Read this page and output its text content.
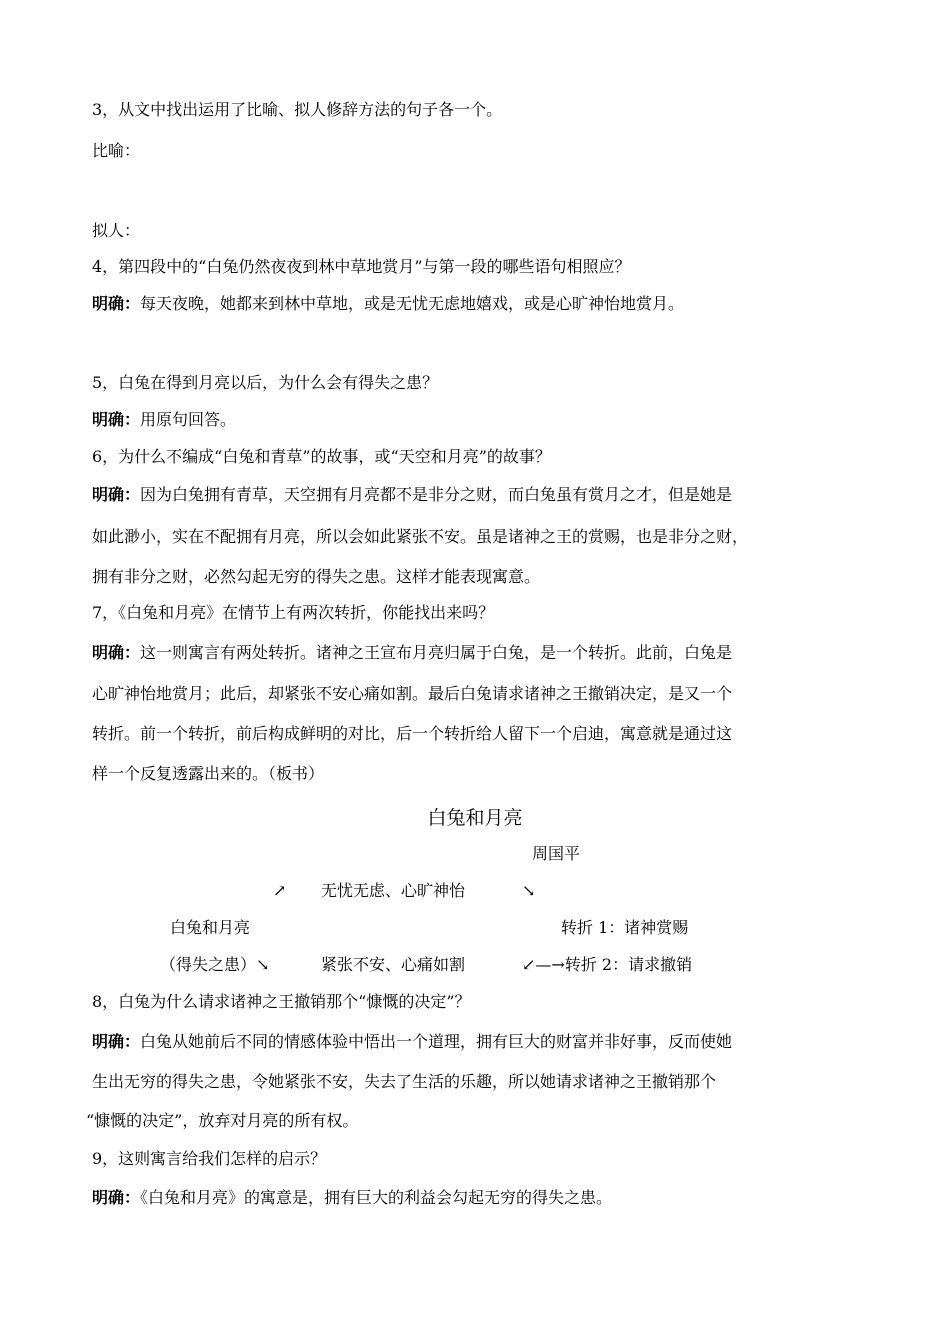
3，从文中找出运用了比喻、拟人修辞方法的句子各一个。
比喻：
拟人：
4，第四段中的“白兔仍然夜夜到林中草地赏月”与第一段的哪些语句相照应？
明确：每天夜晚，她都来到林中草地，或是无忧无虑地嬉戏，或是心旷神怡地赏月。
5，白兔在得到月亮以后，为什么会有得失之患？
明确：用原句回答。
6，为什么不编成“白兔和青草”的故事，或“天空和月亮”的故事？
明确：因为白兔拥有青草，天空拥有月亮都不是非分之财，而白兔虽有赏月之才，但是她是
如此渺小，实在不配拥有月亮，所以会如此紧张不安。虽是诸神之王的赏赐，也是非分之财，
拥有非分之财，必然勾起无穷的得失之患。这样才能表现寓意。
7，《白兔和月亮》在情节上有两次转折，你能找出来吗？
明确：这一则寓言有两处转折。诸神之王宣布月亮归属于白兔，是一个转折。此前，白兔是
心旷神怡地赏月；此后，却紧张不安心痛如割。最后白兔请求诸神之王撤销决定，是又一个
转折。前一个转折，前后构成鲜明的对比，后一个转折给人留下一个启迪，寓意就是通过这
样一个反复透露出来的。（板书）
白兔和月亮
周国平
↗ 无忧无虑、心旷神怡	↘
白兔和月亮	转折 1：诸神赏赐
（得失之患）↘	紧张不安、心痛如割	↙—→转折 2：请求撤销
8，白兔为什么请求诸神之王撤销那个“慷慨的决定”？
明确：白兔从她前后不同的情感体验中悟出一个道理，拥有巨大的财富并非好事，反而使她
生出无穷的得失之患，令她紧张不安，失去了生活的乐趣，所以她请求诸神之王撤销那个
“慷慨的决定”，放弃对月亮的所有权。
9，这则寓言给我们怎样的启示？
明确：《白兔和月亮》的寓意是，拥有巨大的利益会勾起无穷的得失之患。
